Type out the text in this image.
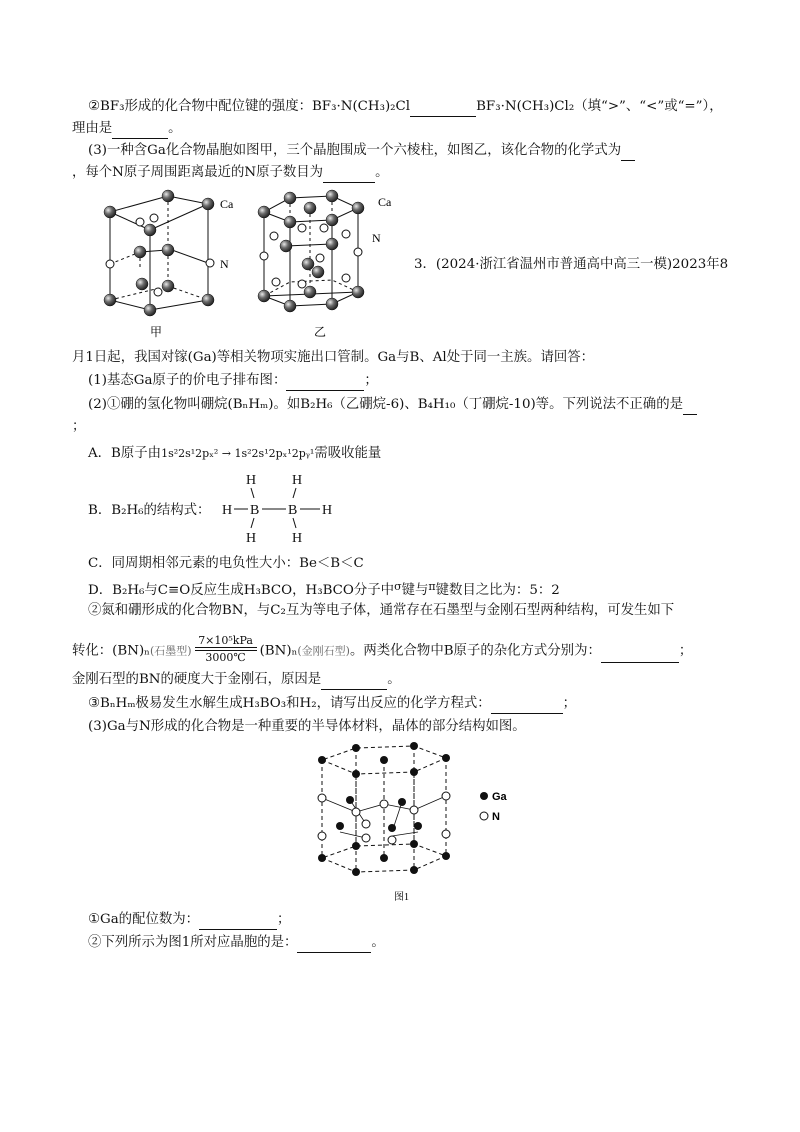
②BF₃形成的化合物中配位键的强度：BF₃·N(CH₃)₂Cl	BF₃·N(CH₃)Cl₂（填“>”、“<”或“=”），
理由是	。
(3)一种含Ga化合物晶胞如图甲，三个晶胞围成一个六棱柱，如图乙，该化合物的化学式为
，每个N原子周围距离最近的N原子数目为	。
Ca
N
甲
Ca
N
乙
3．(2024·浙江省温州市普通高中高三一模)2023年8
月1日起，我国对镓(Ga)等相关物项实施出口管制。Ga与B、Al处于同一主族。请回答：
(1)基态Ga原子的价电子排布图：	；
(2)①硼的氢化物叫硼烷(BₙHₘ)。如B₂H₆（乙硼烷-6)、B₄H₁₀（丁硼烷-10)等。下列说法不正确的是
；
A．B原子由1s²2s¹2pₓ² → 1s²2s¹2pₓ¹2pᵧ¹需吸收能量
B．B₂H₆的结构式：
H	H
H B B H
H	H
C．同周期相邻元素的电负性大小：Be＜B＜C
D．B₂H₆与C≡O反应生成H₃BCO，H₃BCO分子中$^\sigma$键与$^\pi$键数目之比为：5：2
②氮和硼形成的化合物BN，与C₂互为等电子体，通常存在石墨型与金刚石型两种结构，可发生如下
转化：(BN)ₙ(石墨型)
7×10⁵kPa
3000℃	(BN)ₙ(金刚石型)。两类化合物中B原子的杂化方式分别为：	；
金刚石型的BN的硬度大于金刚石，原因是	。
③BₙHₘ极易发生水解生成H₃BO₃和H₂，请写出反应的化学方程式：	；
(3)Ga与N形成的化合物是一种重要的半导体材料，晶体的部分结构如图。
Ga
N
图1
①Ga的配位数为：	；
②下列所示为图1所对应晶胞的是：	。
